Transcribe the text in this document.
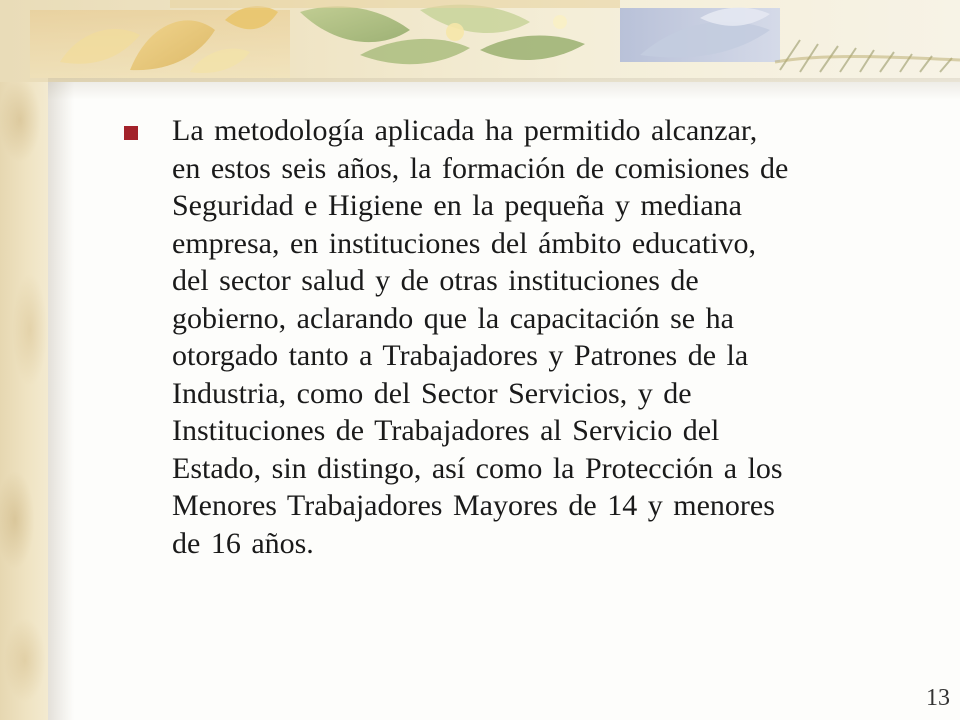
La metodología aplicada ha permitido alcanzar,
en estos seis años, la formación de comisiones de
Seguridad e Higiene en la pequeña y mediana
empresa, en instituciones del ámbito educativo,
del sector salud y de otras instituciones de
gobierno, aclarando que la capacitación se ha
otorgado tanto a Trabajadores y Patrones de la
Industria, como del Sector Servicios, y de
Instituciones de Trabajadores al Servicio del
Estado, sin distingo, así como la Protección a los
Menores Trabajadores Mayores de 14 y menores
de 16 años.

13
